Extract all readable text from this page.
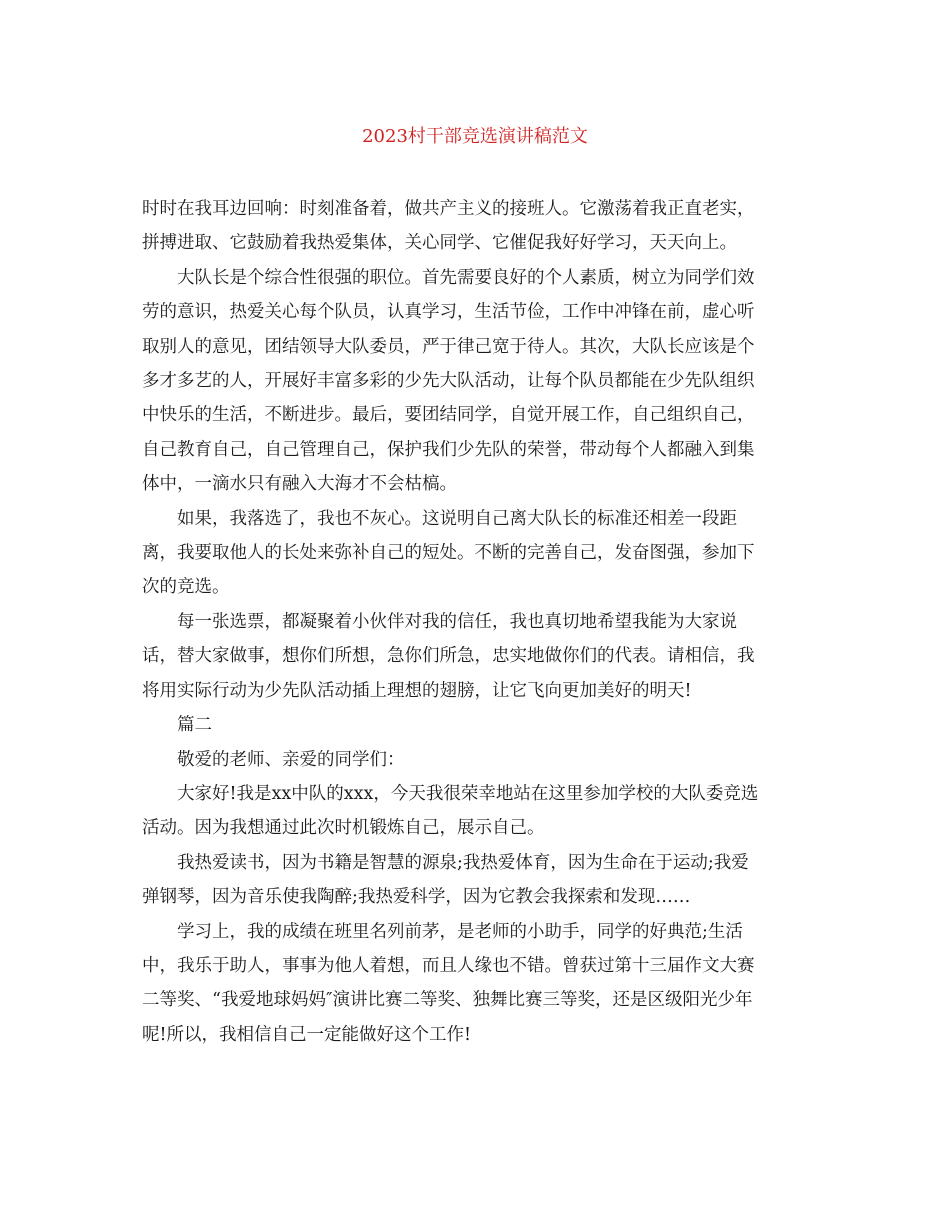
2023村干部竞选演讲稿范文
时时在我耳边回响：时刻准备着，做共产主义的接班人。它激荡着我正直老实，
拼搏进取、它鼓励着我热爱集体，关心同学、它催促我好好学习，天天向上。
大队长是个综合性很强的职位。首先需要良好的个人素质，树立为同学们效
劳的意识，热爱关心每个队员，认真学习，生活节俭，工作中冲锋在前，虚心听
取别人的意见，团结领导大队委员，严于律己宽于待人。其次，大队长应该是个
多才多艺的人，开展好丰富多彩的少先大队活动，让每个队员都能在少先队组织
中快乐的生活，不断进步。最后，要团结同学，自觉开展工作，自己组织自己，
自己教育自己，自己管理自己，保护我们少先队的荣誉，带动每个人都融入到集
体中，一滴水只有融入大海才不会枯槁。
如果，我落选了，我也不灰心。这说明自己离大队长的标准还相差一段距
离，我要取他人的长处来弥补自己的短处。不断的完善自己，发奋图强，参加下
次的竞选。
每一张选票，都凝聚着小伙伴对我的信任，我也真切地希望我能为大家说
话，替大家做事，想你们所想，急你们所急，忠实地做你们的代表。请相信，我
将用实际行动为少先队活动插上理想的翅膀，让它飞向更加美好的明天!
篇二
敬爱的老师、亲爱的同学们：
大家好!我是xx中队的xxx，今天我很荣幸地站在这里参加学校的大队委竞选
活动。因为我想通过此次时机锻炼自己，展示自己。
我热爱读书，因为书籍是智慧的源泉;我热爱体育，因为生命在于运动;我爱
弹钢琴，因为音乐使我陶醉;我热爱科学，因为它教会我探索和发现……
学习上，我的成绩在班里名列前茅，是老师的小助手，同学的好典范;生活
中，我乐于助人，事事为他人着想，而且人缘也不错。曾获过第十三届作文大赛
二等奖、“我爱地球妈妈″演讲比赛二等奖、独舞比赛三等奖，还是区级阳光少年
呢!所以，我相信自己一定能做好这个工作!
